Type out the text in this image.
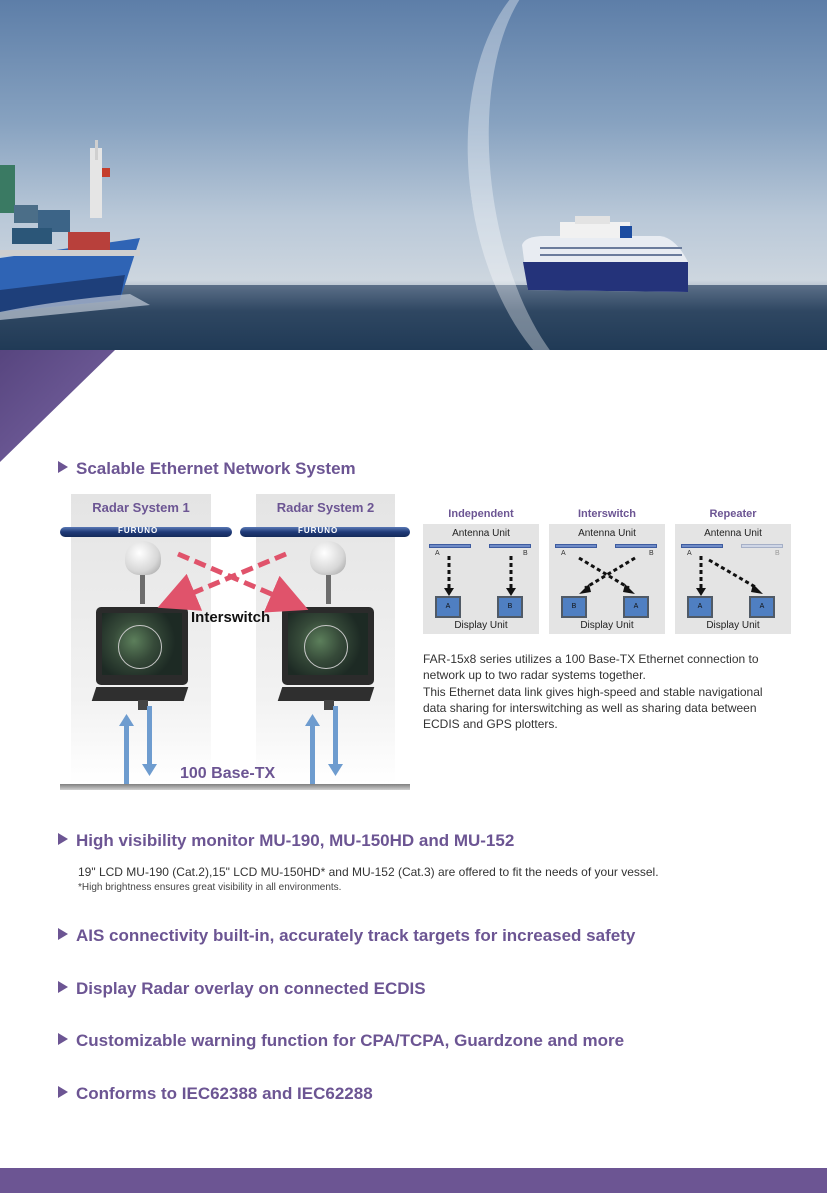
Scalable Ethernet Network System
Radar System 1	Radar System 2
FURUNO	FURUNO
Interswitch
100 Base-TX
Independent
Antenna Unit
A	B
A	B
Display Unit
Interswitch
Antenna Unit
A	B
B	A
Display Unit
Repeater
Antenna Unit
A	B
A	A
Display Unit

FAR-15x8 series utilizes a 100 Base-TX Ethernet connection to

network up to two radar systems together.

This Ethernet data link gives high-speed and stable navigational

data sharing for interswitching as well as sharing data between

ECDIS and GPS plotters.

High visibility monitor MU-190, MU-150HD and MU-152

19" LCD MU-190 (Cat.2),15" LCD MU-150HD* and MU-152 (Cat.3) are offered to fit the needs of your vessel.

*High brightness ensures great visibility in all environments.

AIS connectivity built-in, accurately track targets for increased safety
Display Radar overlay on connected ECDIS
Customizable warning function for CPA/TCPA, Guardzone and more
Conforms to IEC62388 and IEC62288
